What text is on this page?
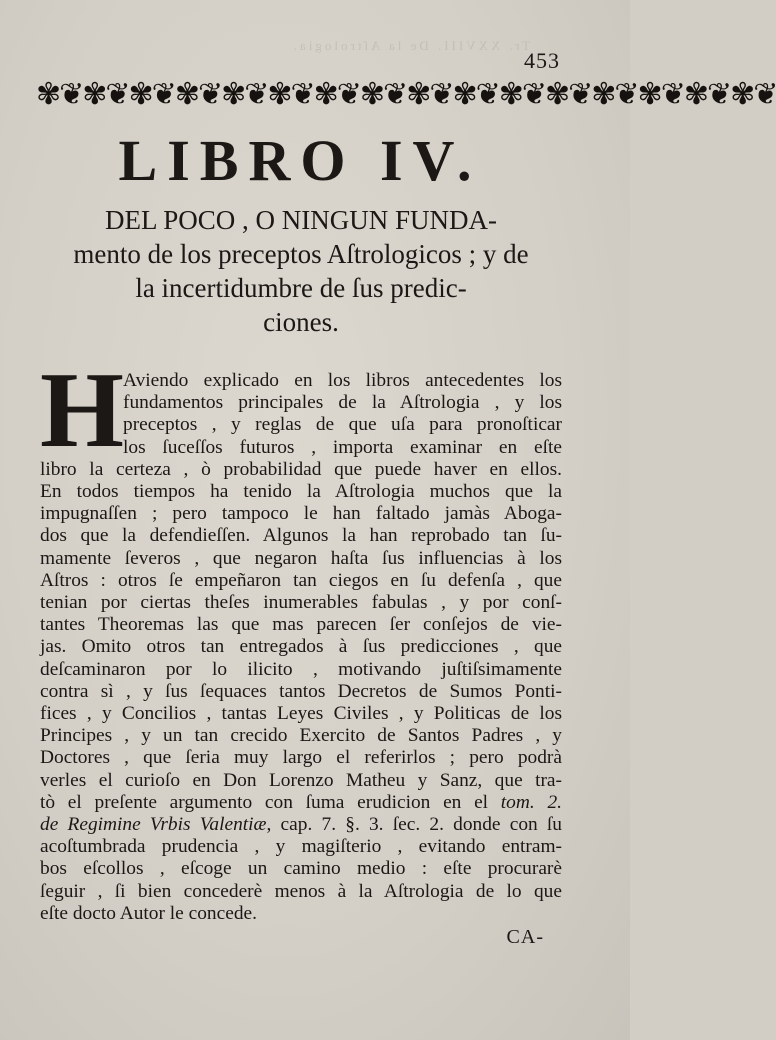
Tr. XXVIII. De la Aſtrologia.
453
✾❦✾❦✾❦✾❦✾❦✾❦✾❦✾❦✾❦✾❦✾❦✾❦✾❦✾❦✾❦✾❦
LIBRO IV.
DEL POCO , O NINGUN FUNDA-
mento de los preceptos Aſtrologicos ; y de
la incertidumbre de ſus predic-
ciones.
H
Aviendo explicado en los libros antecedentes los
fundamentos principales de la Aſtrologia , y los
preceptos , y reglas de que uſa para pronoſticar
los ſuceſſos futuros , importa examinar en eſte
libro la certeza , ò probabilidad que puede haver en ellos.
En todos tiempos ha tenido la Aſtrologia muchos que la
impugnaſſen ; pero tampoco le han faltado jamàs Aboga-
dos que la defendieſſen. Algunos la han reprobado tan ſu-
mamente ſeveros , que negaron haſta ſus influencias à los
Aſtros : otros ſe empeñaron tan ciegos en ſu defenſa , que
tenian por ciertas theſes inumerables fabulas , y por conſ-
tantes Theoremas las que mas parecen ſer conſejos de vie-
jas. Omito otros tan entregados à ſus predicciones , que
deſcaminaron por lo ilicito , motivando juſtiſsimamente
contra sì , y ſus ſequaces tantos Decretos de Sumos Ponti-
fices , y Concilios , tantas Leyes Civiles , y Politicas de los
Principes , y un tan crecido Exercito de Santos Padres , y
Doctores , que ſeria muy largo el referirlos ; pero podrà
verles el curioſo en Don Lorenzo Matheu y Sanz, que tra-
tò el preſente argumento con ſuma erudicion en el tom. 2.
de Regimine Vrbis Valentiæ, cap. 7. §. 3. ſec. 2. donde con ſu
acoſtumbrada prudencia , y magiſterio , evitando entram-
bos eſcollos , eſcoge un camino medio : eſte procurarè
ſeguir , ſi bien concederè menos à la Aſtrologia de lo que
eſte docto Autor le concede.
CA-
